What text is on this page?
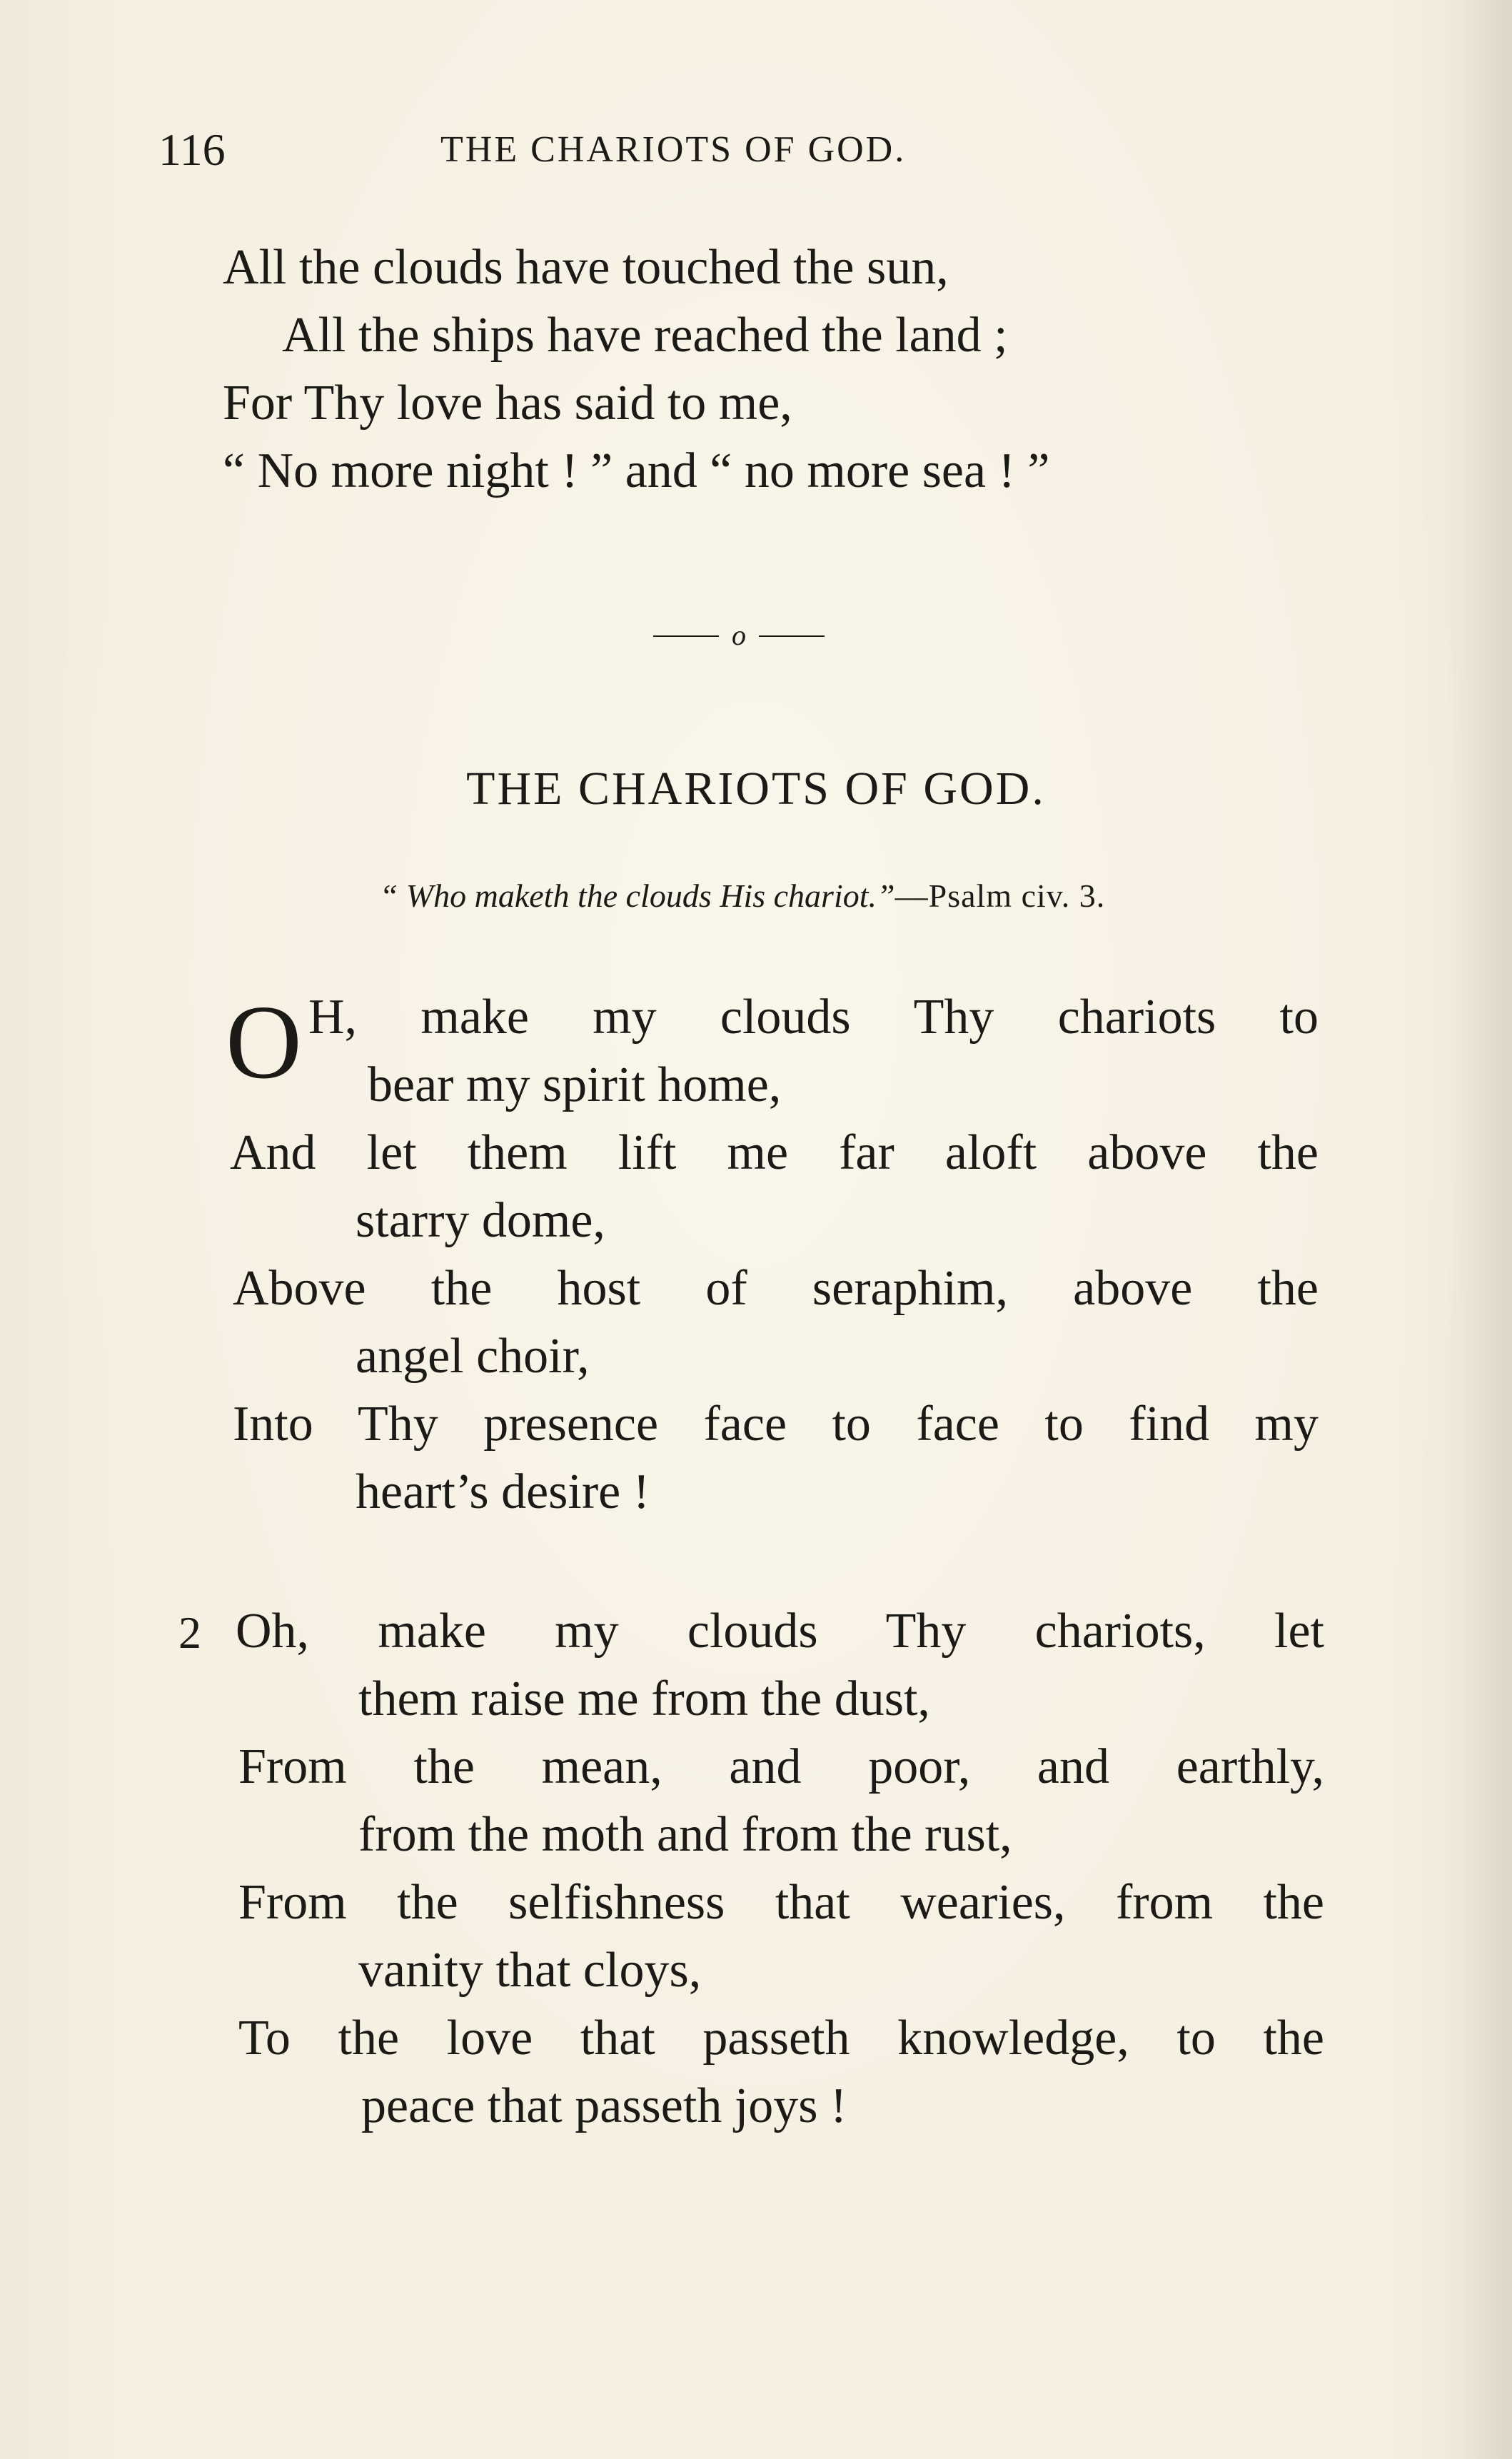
116	THE CHARIOTS OF GOD.
All the clouds have touched the sun,
All the ships have reached the land ;
For Thy love has said to me,
“ No more night ! ” and “ no more sea ! ”
o
THE CHARIOTS OF GOD.
“ Who maketh the clouds His chariot.”—Psalm civ. 3.
O H, make my clouds Thy chariots to
bear my spirit home,
And let them lift me far aloft above the
starry dome,
Above the host of seraphim, above the
angel choir,
Into Thy presence face to face to find my
heart’s desire !
2 Oh, make my clouds Thy chariots, let
them raise me from the dust,
From the mean, and poor, and earthly,
from the moth and from the rust,
From the selfishness that wearies, from the
vanity that cloys,
To the love that passeth knowledge, to the
peace that passeth joys !
